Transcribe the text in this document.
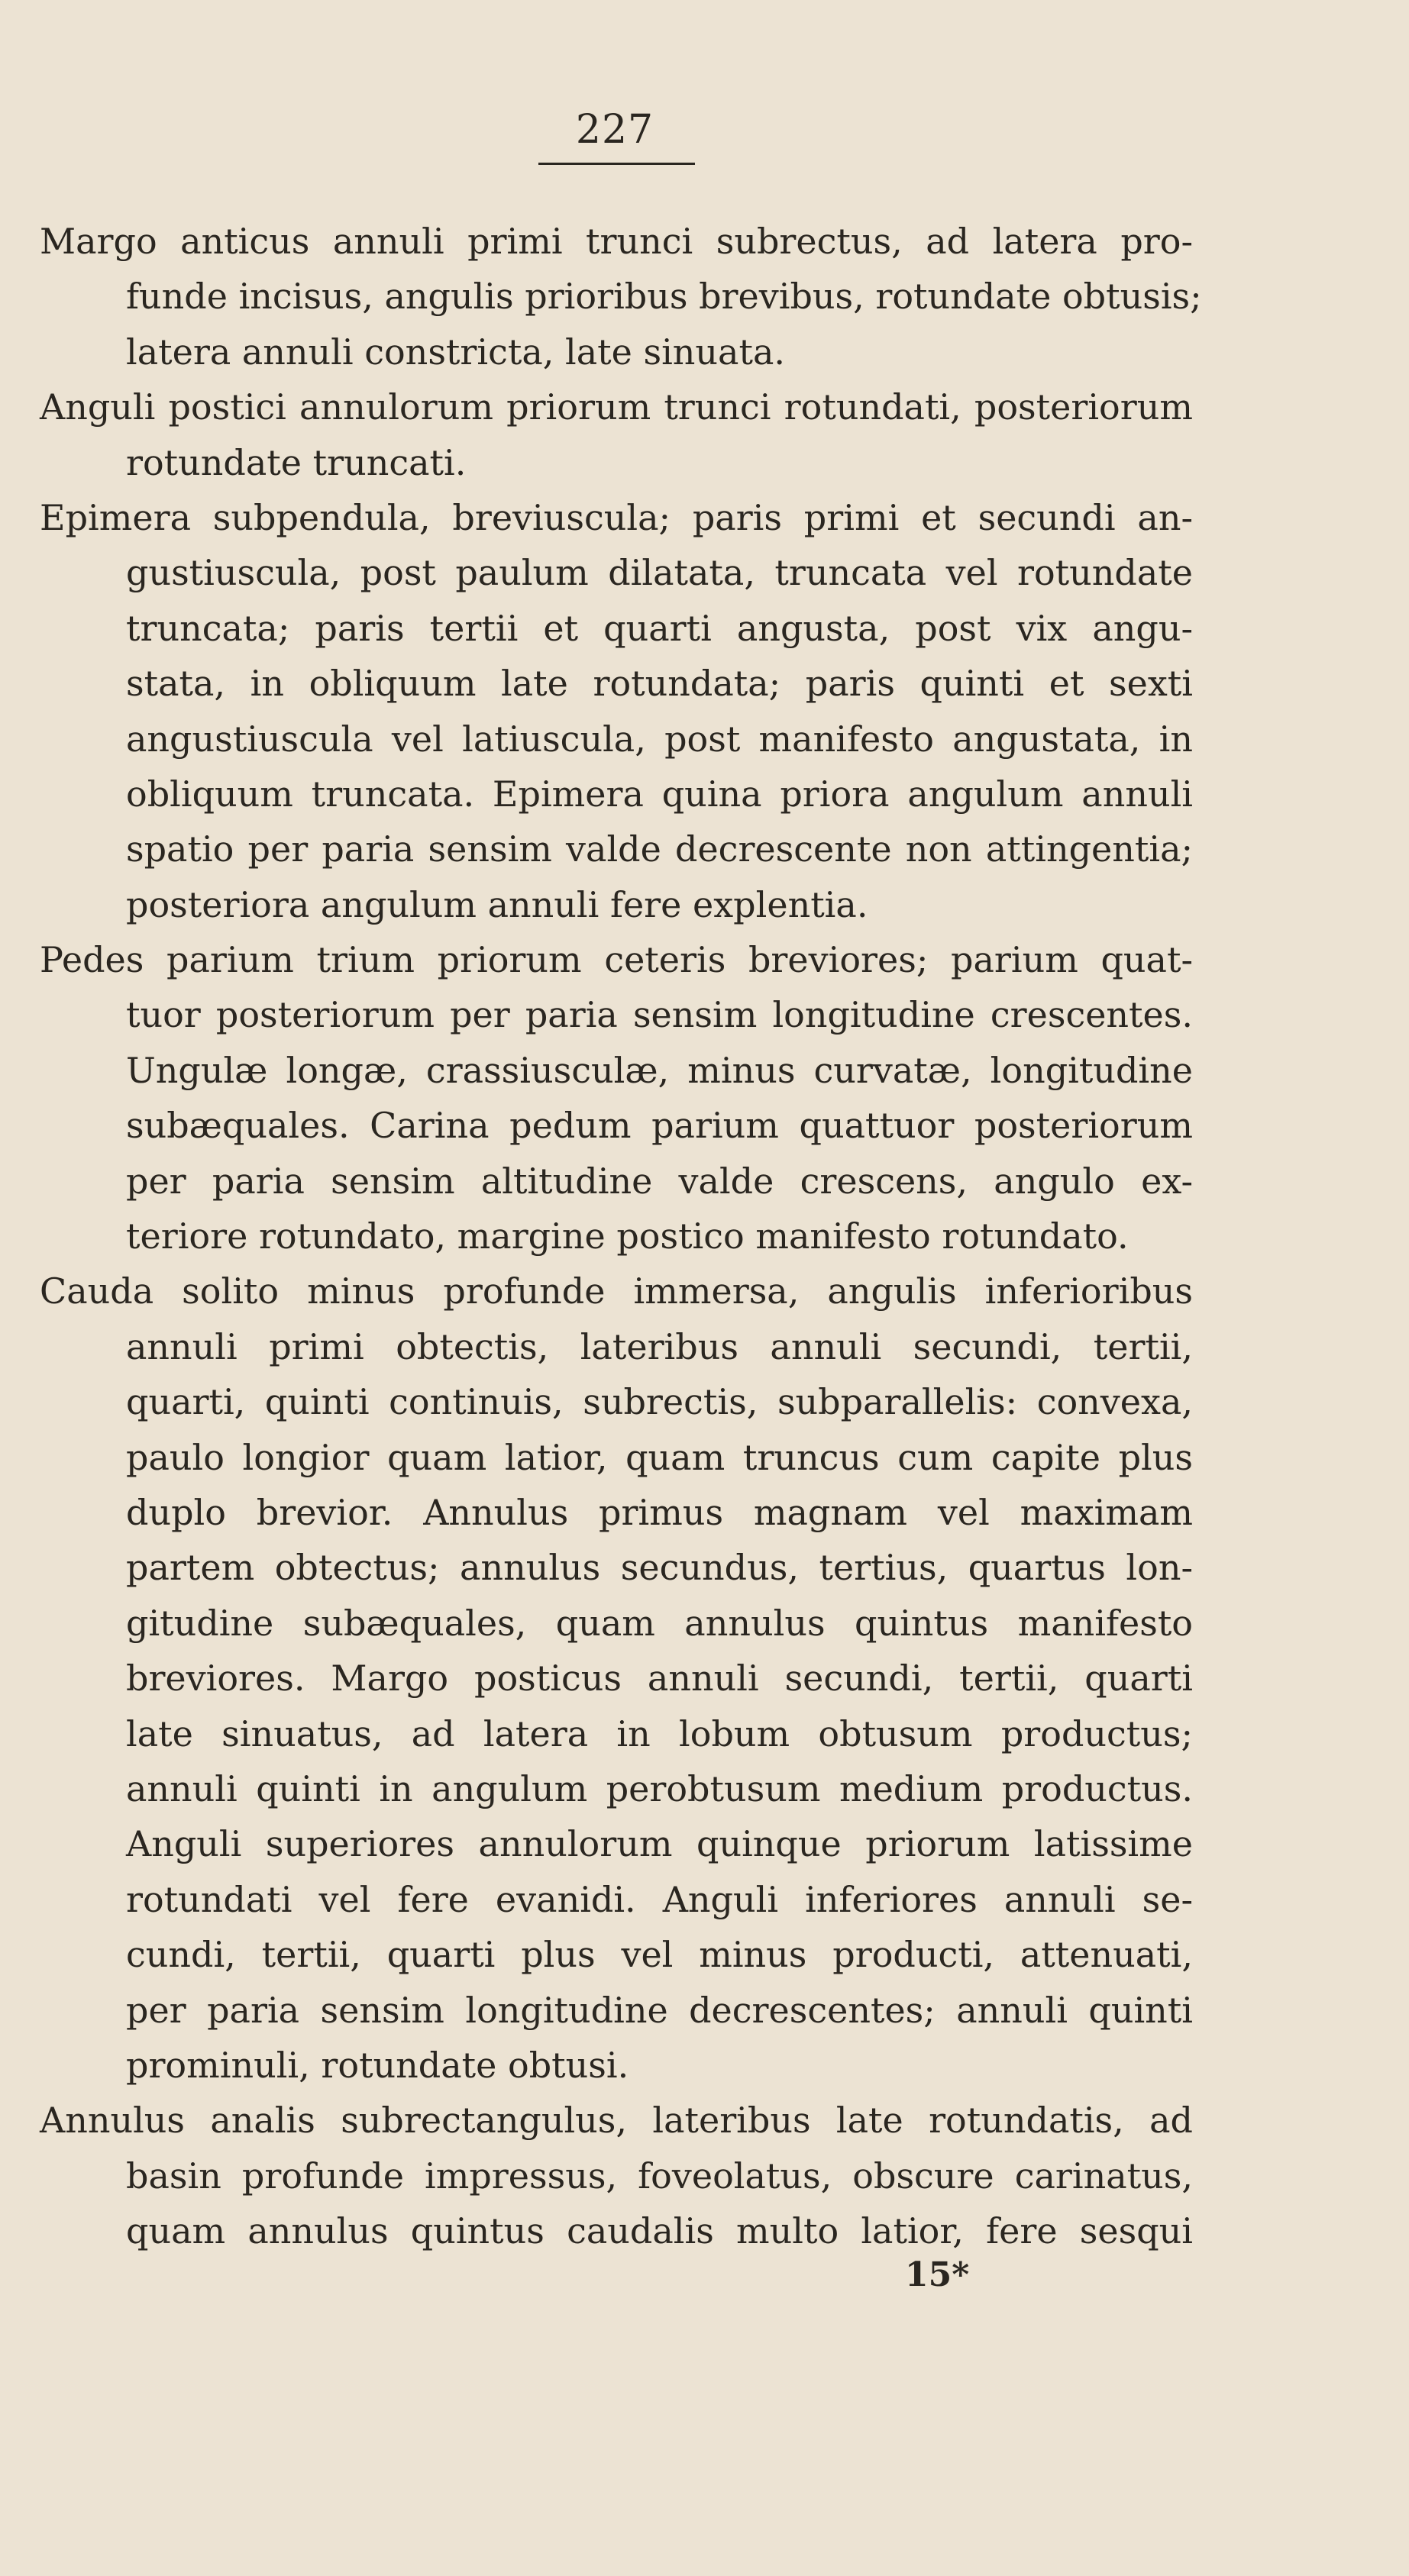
227
Margo anticus annuli primi trunci subrectus, ad latera pro-
funde incisus, angulis prioribus brevibus, rotundate obtusis;
latera annuli constricta, late sinuata.
Anguli postici annulorum priorum trunci rotundati, posteriorum
rotundate truncati.
Epimera subpendula, breviuscula; paris primi et secundi an-
gustiuscula, post paulum dilatata, truncata vel rotundate
truncata; paris tertii et quarti angusta, post vix angu-
stata, in obliquum late rotundata; paris quinti et sexti
angustiuscula vel latiuscula, post manifesto angustata, in
obliquum truncata. Epimera quina priora angulum annuli
spatio per paria sensim valde decrescente non attingentia;
posteriora angulum annuli fere explentia.
Pedes parium trium priorum ceteris breviores; parium quat-
tuor posteriorum per paria sensim longitudine crescentes.
Ungulæ longæ, crassiusculæ, minus curvatæ, longitudine
subæquales. Carina pedum parium quattuor posteriorum
per paria sensim altitudine valde crescens, angulo ex-
teriore rotundato, margine postico manifesto rotundato.
Cauda solito minus profunde immersa, angulis inferioribus
annuli primi obtectis, lateribus annuli secundi, tertii,
quarti, quinti continuis, subrectis, subparallelis: convexa,
paulo longior quam latior, quam truncus cum capite plus
duplo brevior. Annulus primus magnam vel maximam
partem obtectus; annulus secundus, tertius, quartus lon-
gitudine subæquales, quam annulus quintus manifesto
breviores. Margo posticus annuli secundi, tertii, quarti
late sinuatus, ad latera in lobum obtusum productus;
annuli quinti in angulum perobtusum medium productus.
Anguli superiores annulorum quinque priorum latissime
rotundati vel fere evanidi. Anguli inferiores annuli se-
cundi, tertii, quarti plus vel minus producti, attenuati,
per paria sensim longitudine decrescentes; annuli quinti
prominuli, rotundate obtusi.
Annulus analis subrectangulus, lateribus late rotundatis, ad
basin profunde impressus, foveolatus, obscure carinatus,
quam annulus quintus caudalis multo latior, fere sesqui
15*
